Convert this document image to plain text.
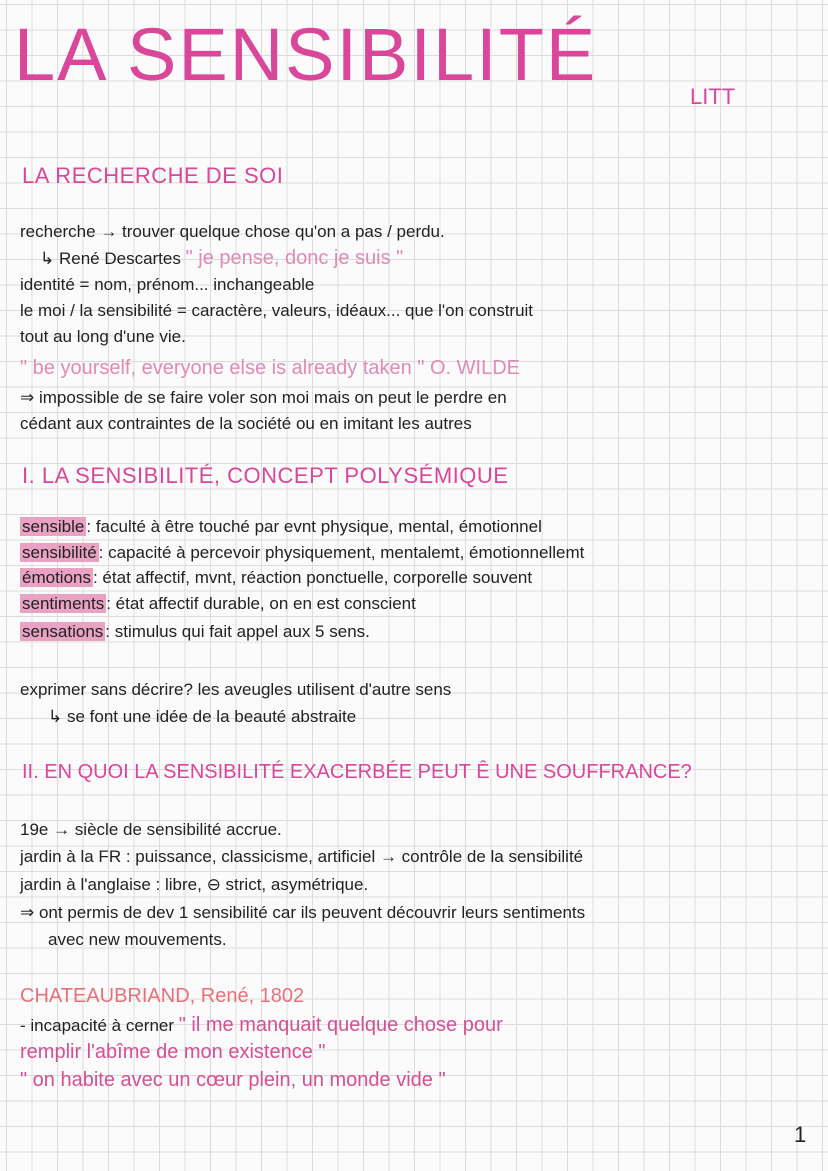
LA SENSIBILITÉ
LITT
LA RECHERCHE DE SOI
recherche → trouver quelque chose qu'on a pas / perdu.
↳ René Descartes " je pense, donc je suis "
identité = nom, prénom... inchangeable
le moi / la sensibilité = caractère, valeurs, idéaux... que l'on construit
tout au long d'une vie.
" be yourself, everyone else is already taken " O. WILDE
⇒ impossible de se faire voler son moi mais on peut le perdre en
cédant aux contraintes de la société ou en imitant les autres
I. LA SENSIBILITÉ, CONCEPT POLYSÉMIQUE
sensible : faculté à être touché par evnt physique, mental, émotionnel
sensibilité : capacité à percevoir physiquement, mentalemt, émotionnellemt
émotions : état affectif, mvnt, réaction ponctuelle, corporelle souvent
sentiments : état affectif durable, on en est conscient
sensations : stimulus qui fait appel aux 5 sens.
exprimer sans décrire? les aveugles utilisent d'autre sens
↳ se font une idée de la beauté abstraite
II. EN QUOI LA SENSIBILITÉ EXACERBÉE PEUT Ê UNE SOUFFRANCE?
19e → siècle de sensibilité accrue.
jardin à la FR : puissance, classicisme, artificiel → contrôle de la sensibilité
jardin à l'anglaise : libre, ⊖ strict, asymétrique.
⇒ ont permis de dev 1 sensibilité car ils peuvent découvrir leurs sentiments
avec new mouvements.
CHATEAUBRIAND, René, 1802
- incapacité à cerner " il me manquait quelque chose pour
remplir l'abîme de mon existence "
" on habite avec un cœur plein, un monde vide "
1
